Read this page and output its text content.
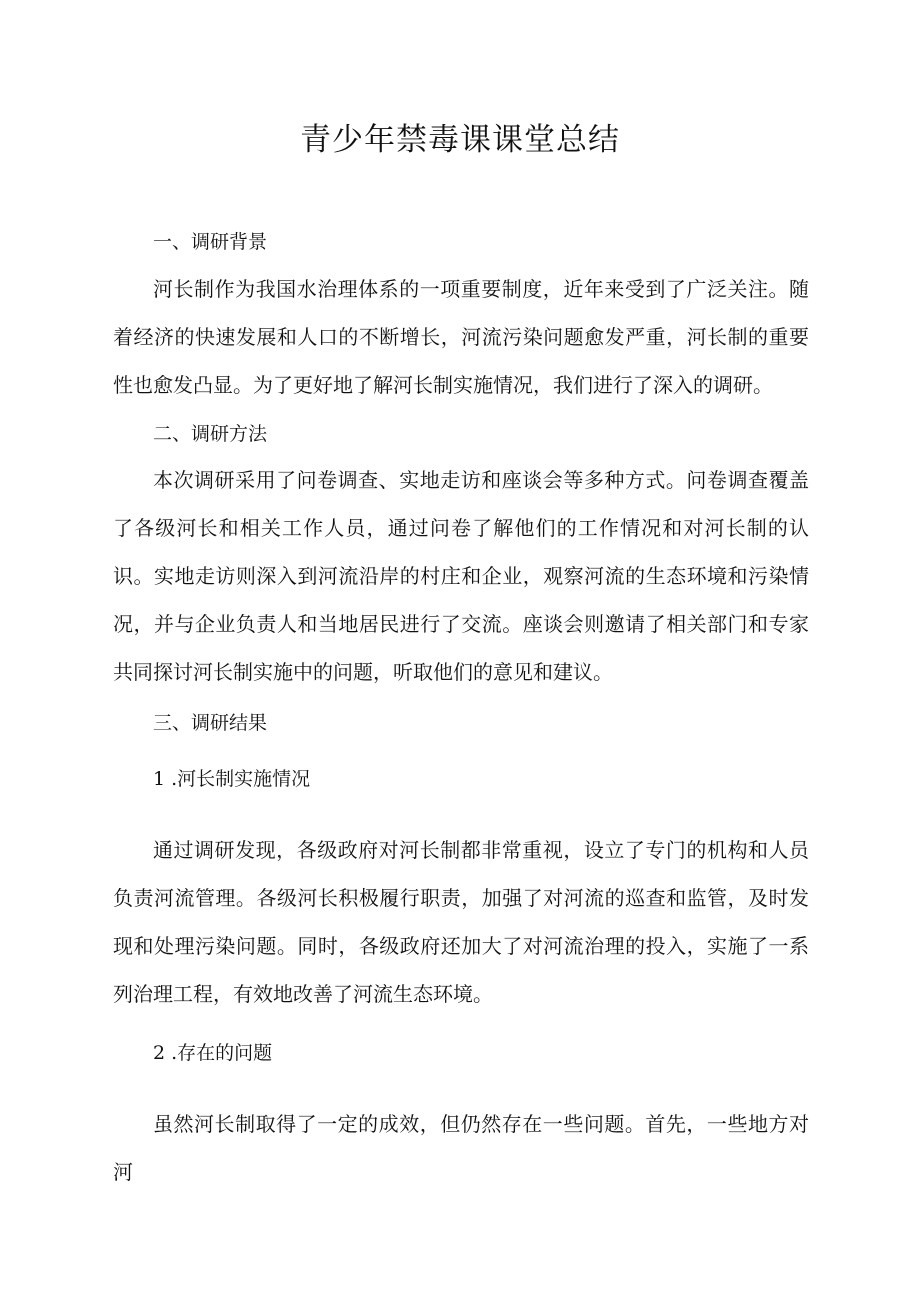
青少年禁毒课课堂总结
一、调研背景

河长制作为我国水治理体系的一项重要制度，近年来受到了广泛关注。随着经济的快速发展和人口的不断增长，河流污染问题愈发严重，河长制的重要性也愈发凸显。为了更好地了解河长制实施情况，我们进行了深入的调研。

二、调研方法

本次调研采用了问卷调查、实地走访和座谈会等多种方式。问卷调查覆盖了各级河长和相关工作人员，通过问卷了解他们的工作情况和对河长制的认识。实地走访则深入到河流沿岸的村庄和企业，观察河流的生态环境和污染情况，并与企业负责人和当地居民进行了交流。座谈会则邀请了相关部门和专家共同探讨河长制实施中的问题，听取他们的意见和建议。

三、调研结果
1 .河长制实施情况

通过调研发现，各级政府对河长制都非常重视，设立了专门的机构和人员负责河流管理。各级河长积极履行职责，加强了对河流的巡查和监管，及时发现和处理污染问题。同时，各级政府还加大了对河流治理的投入，实施了一系列治理工程，有效地改善了河流生态环境。

2 .存在的问题

虽然河长制取得了一定的成效，但仍然存在一些问题。首先，一些地方对河
